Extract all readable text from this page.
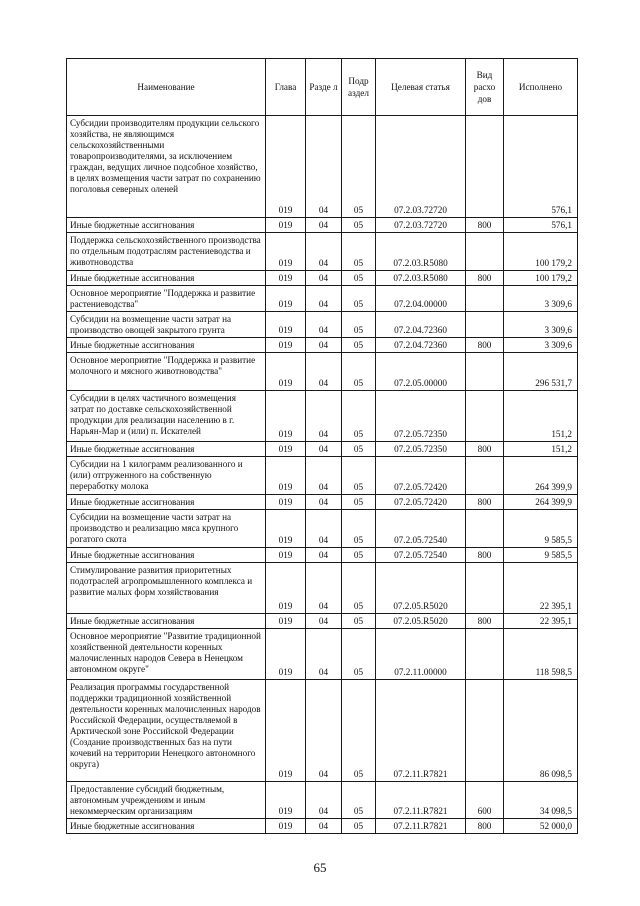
Наименование	Глава	Разде л	Подр аздел	Целевая статья	Вид расхо дов	Исполнено
Субсидии производителям продукции сельского хозяйства, не являющимся сельскохозяйственными товаропроизводителями, за исключением граждан, ведущих личное подсобное хозяйство, в целях возмещения части затрат по сохранению поголовья северных оленей	019	04	05	07.2.03.72720		576,1
Иные бюджетные ассигнования	019	04	05	07.2.03.72720	800	576,1
Поддержка сельскохозяйственного производства по отдельным подотраслям растениеводства и животноводства	019	04	05	07.2.03.R5080		100 179,2
Иные бюджетные ассигнования	019	04	05	07.2.03.R5080	800	100 179,2
Основное мероприятие "Поддержка и развитие растениеводства"	019	04	05	07.2.04.00000		3 309,6
Субсидии на возмещение части затрат на производство овощей закрытого грунта	019	04	05	07.2.04.72360		3 309,6
Иные бюджетные ассигнования	019	04	05	07.2.04.72360	800	3 309,6
Основное мероприятие "Поддержка и развитие молочного и мясного животноводства"	019	04	05	07.2.05.00000		296 531,7
Субсидии в целях частичного возмещения затрат по доставке сельскохозяйственной продукции для реализации населению в г. Нарьян-Мар и (или) п. Искателей	019	04	05	07.2.05.72350		151,2
Иные бюджетные ассигнования	019	04	05	07.2.05.72350	800	151,2
Субсидии на 1 килограмм реализованного и (или) отгруженного на собственную переработку молока	019	04	05	07.2.05.72420		264 399,9
Иные бюджетные ассигнования	019	04	05	07.2.05.72420	800	264 399,9
Субсидии на возмещение части затрат на производство и реализацию мяса крупного рогатого скота	019	04	05	07.2.05.72540		9 585,5
Иные бюджетные ассигнования	019	04	05	07.2.05.72540	800	9 585,5
Стимулирование развития приоритетных подотраслей агропромышленного комплекса и развитие малых форм хозяйствования	019	04	05	07.2.05.R5020		22 395,1
Иные бюджетные ассигнования	019	04	05	07.2.05.R5020	800	22 395,1
Основное мероприятие "Развитие традиционной хозяйственной деятельности коренных малочисленных народов Севера в Ненецком автономном округе"	019	04	05	07.2.11.00000		118 598,5
Реализация программы государственной поддержки традиционной хозяйственной деятельности коренных малочисленных народов Российской Федерации, осуществляемой в Арктической зоне Российской Федерации (Создание производственных баз на пути кочевий на территории Ненецкого автономного округа)	019	04	05	07.2.11.R7821		86 098,5
Предоставление субсидий бюджетным, автономным учреждениям и иным некоммерческим организациям	019	04	05	07.2.11.R7821	600	34 098,5
Иные бюджетные ассигнования	019	04	05	07.2.11.R7821	800	52 000,0
65
